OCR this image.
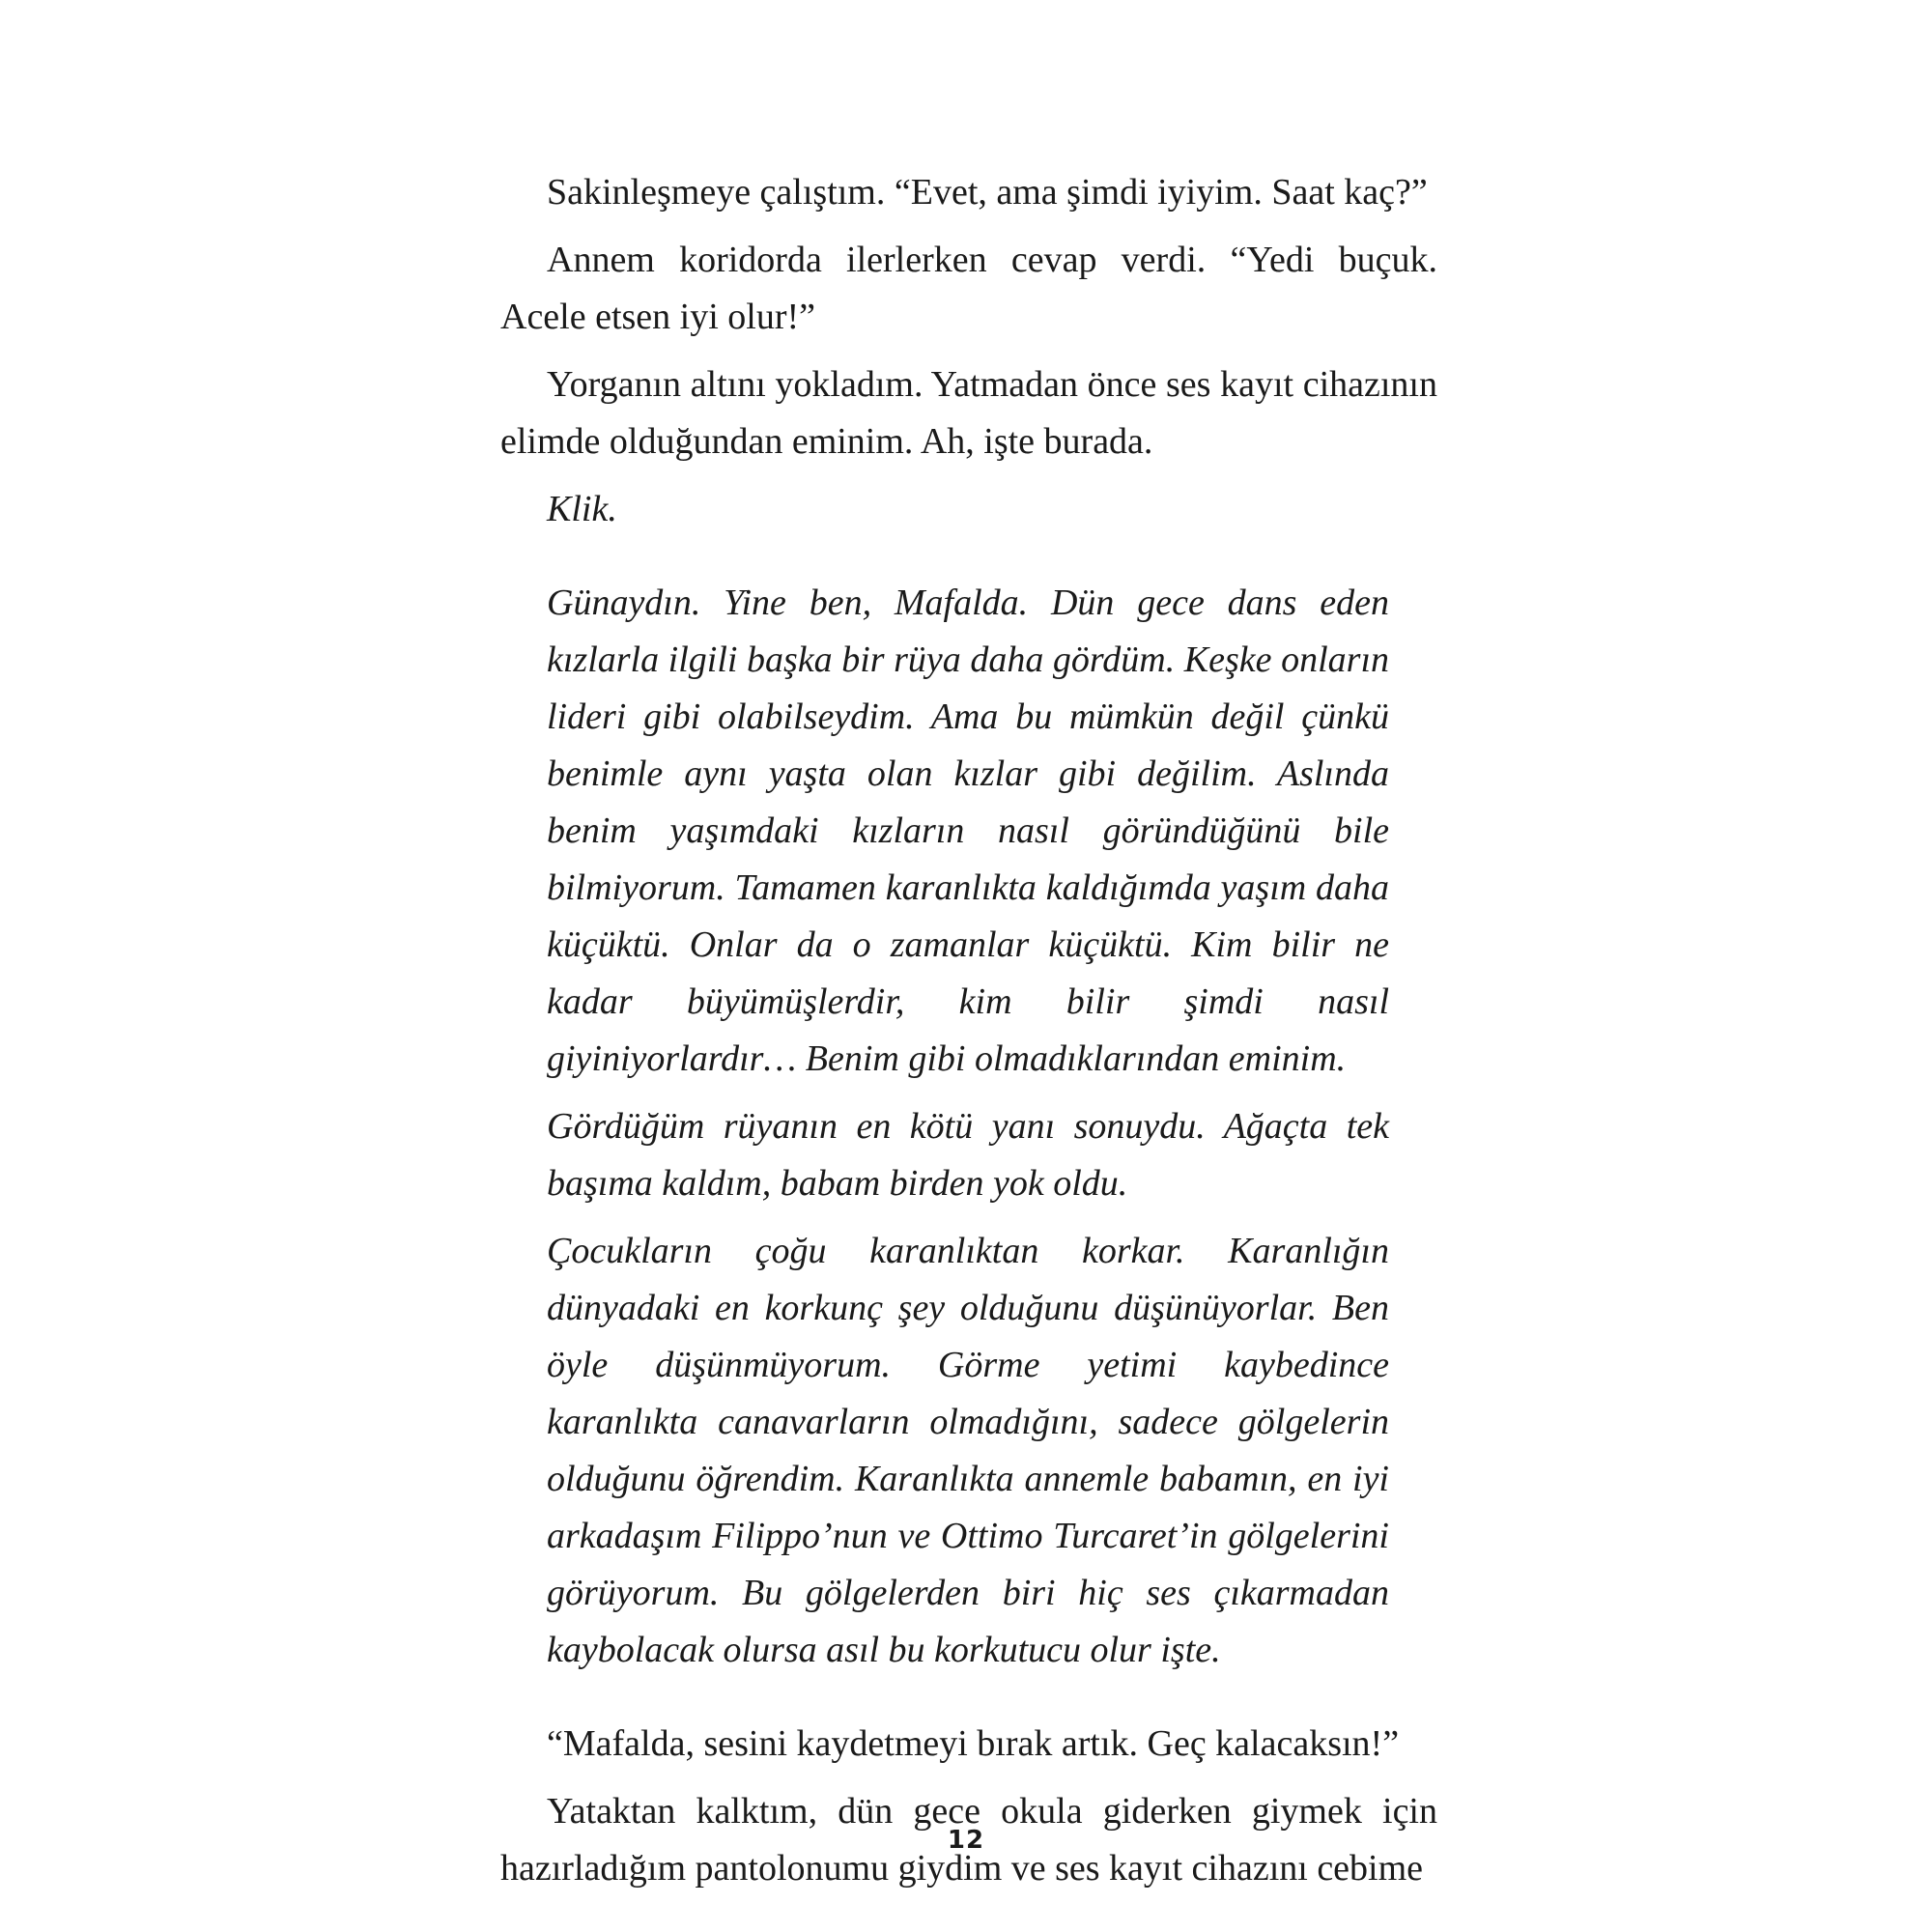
Sakinleşmeye çalıştım. “Evet, ama şimdi iyiyim. Saat kaç?”

Annem koridorda ilerlerken cevap verdi. “Yedi buçuk. Acele etsen iyi olur!”

Yorganın altını yokladım. Yatmadan önce ses kayıt cihazının elimde olduğundan eminim. Ah, işte burada.

Klik.

Günaydın. Yine ben, Mafalda. Dün gece dans eden kızlarla ilgili başka bir rüya daha gördüm. Keşke onların lideri gibi olabilseydim. Ama bu mümkün değil çünkü benimle aynı yaşta olan kızlar gibi değilim. Aslında benim yaşımdaki kızların nasıl göründüğünü bile bilmiyorum. Tamamen karanlıkta kaldığımda yaşım daha küçüktü. Onlar da o zamanlar küçüktü. Kim bilir ne kadar büyümüşlerdir, kim bilir şimdi nasıl giyiniyorlardır… Benim gibi olmadıklarından eminim.

Gördüğüm rüyanın en kötü yanı sonuydu. Ağaçta tek başıma kaldım, babam birden yok oldu.

Çocukların çoğu karanlıktan korkar. Karanlığın dünyadaki en korkunç şey olduğunu düşünüyorlar. Ben öyle düşünmüyorum. Görme yetimi kaybedince karanlıkta canavarların olmadığını, sadece gölgelerin olduğunu öğrendim. Karanlıkta annemle babamın, en iyi arkadaşım Filippo’nun ve Ottimo Turcaret’in gölgelerini görüyorum. Bu gölgelerden biri hiç ses çıkarmadan kaybolacak olursa asıl bu korkutucu olur işte.

“Mafalda, sesini kaydetmeyi bırak artık. Geç kalacaksın!”

Yataktan kalktım, dün gece okula giderken giymek için hazırladığım pantolonumu giydim ve ses kayıt cihazını cebime

12
